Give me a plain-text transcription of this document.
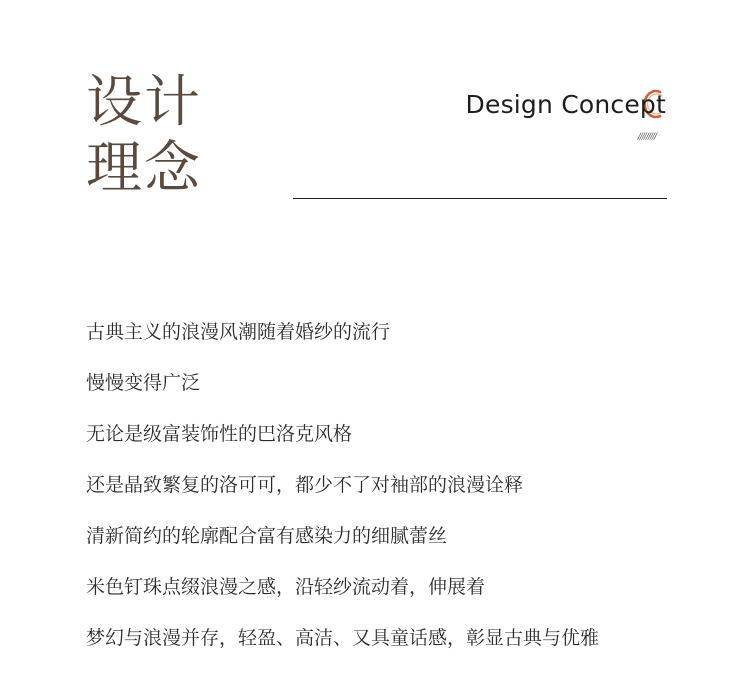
设计
理念
Design Concept
/////////
古典主义的浪漫风潮随着婚纱的流行
慢慢变得广泛
无论是级富装饰性的巴洛克风格
还是晶致繁复的洛可可，都少不了对袖部的浪漫诠释
清新简约的轮廓配合富有感染力的细腻蕾丝
米色钉珠点缀浪漫之感，沿轻纱流动着，伸展着
梦幻与浪漫并存，轻盈、高洁、又具童话感，彰显古典与优雅
